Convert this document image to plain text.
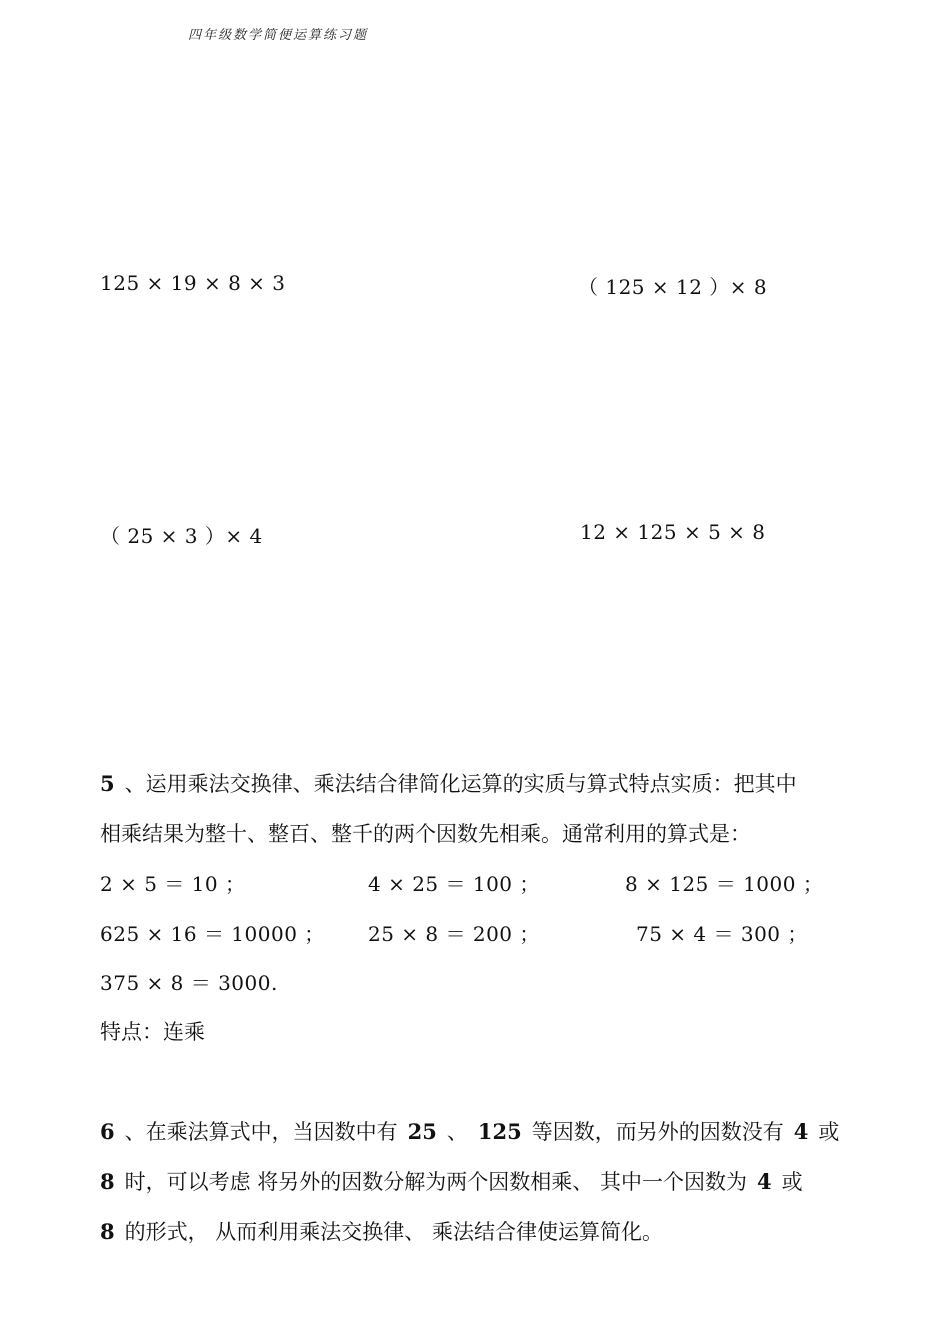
四年级数学简便运算练习题
125 × 19 × 8 × 3	（ 125 × 12 ）× 8
（ 25 × 3 ）× 4	12 × 125 × 5 × 8
5 、运用乘法交换律、乘法结合律简化运算的实质与算式特点实质：把其中
相乘结果为整十、整百、整千的两个因数先相乘。通常利用的算式是：
2 × 5 ＝ 10 ；	4 × 25 ＝ 100 ；	8 × 125 ＝ 1000 ；
625 × 16 ＝ 10000 ； 25 × 8 ＝ 200 ；	75 × 4 ＝ 300 ；
375 × 8 ＝ 3000.
特点：连乘
6 、在乘法算式中，当因数中有 25 、 125 等因数，而另外的因数没有 4 或
8 时，可以考虑 将另外的因数分解为两个因数相乘、 其中一个因数为 4 或
8 的形式， 从而利用乘法交换律、 乘法结合律使运算简化。
